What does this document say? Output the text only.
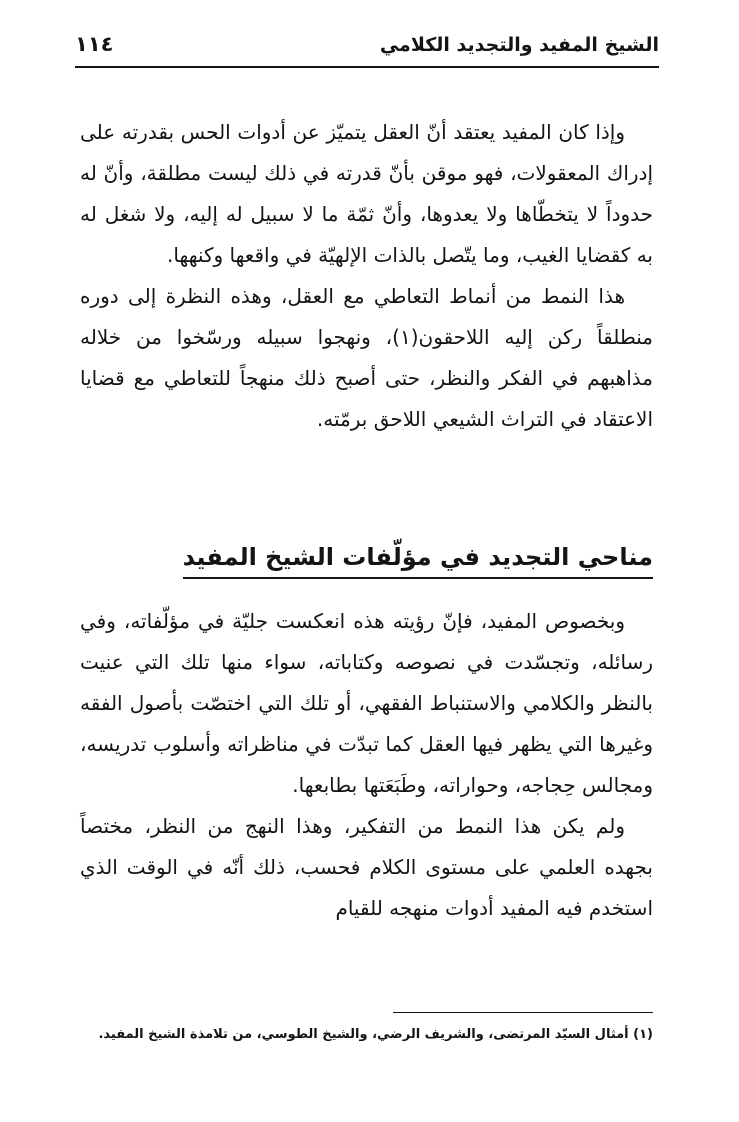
الشيخ المفيد والتجديد الكلامي
١١٤

وإذا كان المفيد يعتقد أنّ العقل يتميّز عن أدوات الحس بقدرته على إدراك المعقولات، فهو موقن بأنّ قدرته في ذلك ليست مطلقة، وأنّ له حدوداً لا يتخطّاها ولا يعدوها، وأنّ ثمّة ما لا سبيل له إليه، ولا شغل له به كقضايا الغيب، وما يتّصل بالذات الإلهيّة في واقعها وكنهها.

هذا النمط من أنماط التعاطي مع العقل، وهذه النظرة إلى دوره منطلقاً ركن إليه اللاحقون(١)، ونهجوا سبيله ورسّخوا من خلاله مذاهبهم في الفكر والنظر، حتى أصبح ذلك منهجاً للتعاطي مع قضايا الاعتقاد في التراث الشيعي اللاحق برمّته.

مناحي التجديد في مؤلّفات الشيخ المفيد

وبخصوص المفيد، فإنّ رؤيته هذه انعكست جليّة في مؤلّفاته، وفي رسائله، وتجسّدت في نصوصه وكتاباته، سواء منها تلك التي عنيت بالنظر والكلامي والاستنباط الفقهي، أو تلك التي اختصّت بأصول الفقه وغيرها التي يظهر فيها العقل كما تبدّت في مناظراته وأسلوب تدريسه، ومجالس حِجاجه، وحواراته، وطَبَعَتها بطابعها.

ولم يكن هذا النمط من التفكير، وهذا النهج من النظر، مختصاً بجهده العلمي على مستوى الكلام فحسب، ذلك أنّه في الوقت الذي استخدم فيه المفيد أدوات منهجه للقيام

(١) أمثال السيّد المرتضى، والشريف الرضي، والشيخ الطوسي، من تلامذة الشيخ المفيد.
